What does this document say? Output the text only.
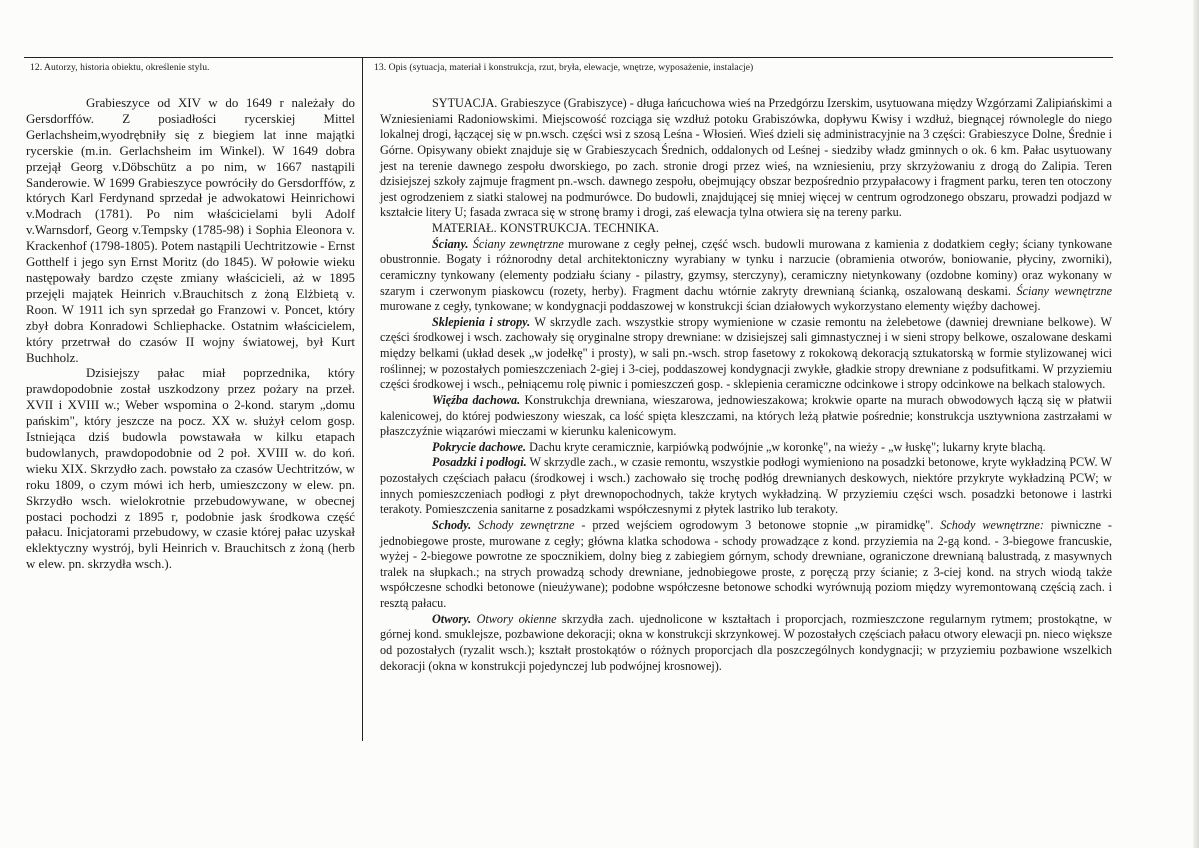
12. Autorzy, historia obiektu, określenie stylu.	13. Opis (sytuacja, materiał i konstrukcja, rzut, bryła, elewacje, wnętrze, wyposażenie, instalacje)

Grabieszyce od XIV w do 1649 r należały do Gersdorffów. Z posiadłości rycerskiej Mittel Gerlachsheim,wyodrębniły się z biegiem lat inne majątki rycerskie (m.in. Gerlachsheim im Winkel). W 1649 dobra przejął Georg v.Döbschütz a po nim, w 1667 nastąpili Sanderowie. W 1699 Grabieszyce powróciły do Gersdorffów, z których Karl Ferdynand sprzedał je adwokatowi Heinrichowi v.Modrach (1781). Po nim właścicielami byli Adolf v.Warnsdorf, Georg v.Tempsky (1785-98) i Sophia Eleonora v. Krackenhof (1798-1805). Potem nastąpili Uechtritzowie - Ernst Gotthelf i jego syn Ernst Moritz (do 1845). W połowie wieku następowały bardzo częste zmiany właścicieli, aż w 1895 przejęli majątek Heinrich v.Brauchitsch z żoną Elżbietą v. Roon. W 1911 ich syn sprzedał go Franzowi v. Poncet, który zbył dobra Konradowi Schliephacke. Ostatnim właścicielem, który przetrwał do czasów II wojny światowej, był Kurt Buchholz.

Dzisiejszy pałac miał poprzednika, który prawdopodobnie został uszkodzony przez pożary na przeł. XVII i XVIII w.; Weber wspomina o 2-kond. starym „domu pańskim", który jeszcze na pocz. XX w. służył celom gosp. Istniejąca dziś budowla powstawała w kilku etapach budowlanych, prawdopodobnie od 2 poł. XVIII w. do koń. wieku XIX. Skrzydło zach. powstało za czasów Uechtritzów, w roku 1809, o czym mówi ich herb, umieszczony w elew. pn. Skrzydło wsch. wielokrotnie przebudowywane, w obecnej postaci pochodzi z 1895 r, podobnie jask środkowa część pałacu. Inicjatorami przebudowy, w czasie której pałac uzyskał eklektyczny wystrój, byli Heinrich v. Brauchitsch z żoną (herb w elew. pn. skrzydła wsch.).

SYTUACJA. Grabieszyce (Grabiszyce) - długa łańcuchowa wieś na Przedgórzu Izerskim, usytuowana między Wzgórzami Zalipiańskimi a Wzniesieniami Radoniowskimi. Miejscowość rozciąga się wzdłuż potoku Grabiszówka, dopływu Kwisy i wzdłuż, biegnącej równolegle do niego lokalnej drogi, łączącej się w pn.wsch. części wsi z szosą Leśna - Włosień. Wieś dzieli się administracyjnie na 3 części: Grabieszyce Dolne, Średnie i Górne. Opisywany obiekt znajduje się w Grabieszycach Średnich, oddalonych od Leśnej - siedziby władz gminnych o ok. 6 km. Pałac usytuowany jest na terenie dawnego zespołu dworskiego, po zach. stronie drogi przez wieś, na wzniesieniu, przy skrzyżowaniu z drogą do Zalipia. Teren dzisiejszej szkoły zajmuje fragment pn.-wsch. dawnego zespołu, obejmujący obszar bezpośrednio przypałacowy i fragment parku, teren ten otoczony jest ogrodzeniem z siatki stalowej na podmurówce. Do budowli, znajdującej się mniej więcej w centrum ogrodzonego obszaru, prowadzi podjazd w kształcie litery U; fasada zwraca się w stronę bramy i drogi, zaś elewacja tylna otwiera się na tereny parku.

MATERIAŁ. KONSTRUKCJA. TECHNIKA.

Ściany. Ściany zewnętrzne murowane z cegły pełnej, część wsch. budowli murowana z kamienia z dodatkiem cegły; ściany tynkowane obustronnie. Bogaty i różnorodny detal architektoniczny wyrabiany w tynku i narzucie (obramienia otworów, boniowanie, płyciny, zworniki), ceramiczny tynkowany (elementy podziału ściany - pilastry, gzymsy, sterczyny), ceramiczny nietynkowany (ozdobne kominy) oraz wykonany w szarym i czerwonym piaskowcu (rozety, herby). Fragment dachu wtórnie zakryty drewnianą ścianką, oszalowaną deskami. Ściany wewnętrzne murowane z cegły, tynkowane; w kondygnacji poddaszowej w konstrukcji ścian działowych wykorzystano elementy więźby dachowej.

Sklepienia i stropy. W skrzydle zach. wszystkie stropy wymienione w czasie remontu na żelebetowe (dawniej drewniane belkowe). W części środkowej i wsch. zachowały się oryginalne stropy drewniane: w dzisiejszej sali gimnastycznej i w sieni stropy belkowe, oszalowane deskami między belkami (układ desek „w jodełkę" i prosty), w sali pn.-wsch. strop fasetowy z rokokową dekoracją sztukatorską w formie stylizowanej wici roślinnej; w pozostałych pomieszczeniach 2-giej i 3-ciej, poddaszowej kondygnacji zwykłe, gładkie stropy drewniane z podsufitkami. W przyziemiu części środkowej i wsch., pełniącemu rolę piwnic i pomieszczeń gosp. - sklepienia ceramiczne odcinkowe i stropy odcinkowe na belkach stalowych.

Więźba dachowa. Konstrukchja drewniana, wieszarowa, jednowieszakowa; krokwie oparte na murach obwodowych łączą się w płatwii kalenicowej, do której podwieszony wieszak, ca lość spięta kleszczami, na których leżą płatwie pośrednie; konstrukcja usztywniona zastrzałami w płaszczyźnie wiązarówi mieczami w kierunku kalenicowym.

Pokrycie dachowe. Dachu kryte ceramicznie, karpiówką podwójnie „w koronkę", na wieży - „w łuskę"; lukarny kryte blachą.

Posadzki i podłogi. W skrzydle zach., w czasie remontu, wszystkie podłogi wymieniono na posadzki betonowe, kryte wykładziną PCW. W pozostałych częściach pałacu (środkowej i wsch.) zachowało się trochę podłóg drewnianych deskowych, niektóre przykryte wykładziną PCW; w innych pomieszczeniach podłogi z płyt drewnopochodnych, także krytych wykładziną. W przyziemiu części wsch. posadzki betonowe i lastrki terakoty. Pomieszczenia sanitarne z posadzkami współczesnymi z płytek lastriko lub terakoty.

Schody. Schody zewnętrzne - przed wejściem ogrodowym 3 betonowe stopnie „w piramidkę". Schody wewnętrzne: piwniczne - jednobiegowe proste, murowane z cegły; główna klatka schodowa - schody prowadzące z kond. przyziemia na 2-gą kond. - 3-biegowe francuskie, wyżej - 2-biegowe powrotne ze spocznikiem, dolny bieg z zabiegiem górnym, schody drewniane, ograniczone drewnianą balustradą, z masywnych tralek na słupkach.; na strych prowadzą schody drewniane, jednobiegowe proste, z poręczą przy ścianie; z 3-ciej kond. na strych wiodą także współczesne schodki betonowe (nieużywane); podobne współczesne betonowe schodki wyrównują poziom między wyremontowaną częścią zach. i resztą pałacu.

Otwory. Otwory okienne skrzydła zach. ujednolicone w kształtach i proporcjach, rozmieszczone regularnym rytmem; prostokątne, w górnej kond. smuklejsze, pozbawione dekoracji; okna w konstrukcji skrzynkowej. W pozostałych częściach pałacu otwory elewacji pn. nieco większe od pozostałych (ryzalit wsch.); kształt prostokątów o różnych proporcjach dla poszczególnych kondygnacji; w przyziemiu pozbawione wszelkich dekoracji (okna w konstrukcji pojedynczej lub podwójnej krosnowej).
